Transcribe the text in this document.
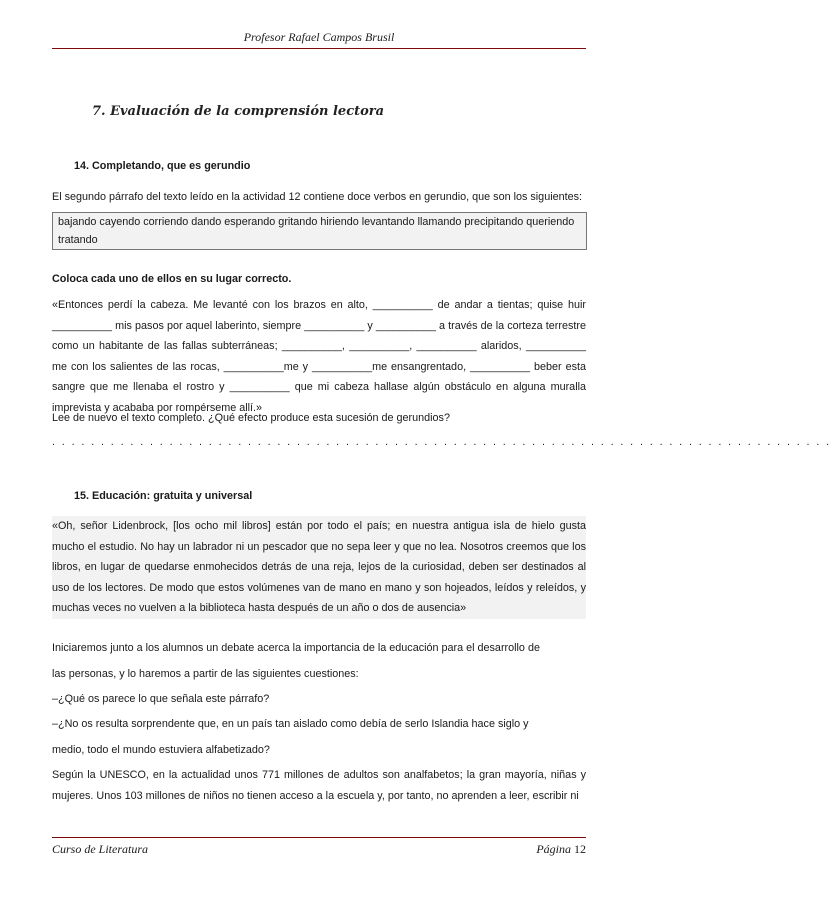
Profesor Rafael Campos Brusil
7. Evaluación de la comprensión lectora
14. Completando, que es gerundio
El segundo párrafo del texto leído en la actividad 12 contiene doce verbos en gerundio, que son los siguientes:
bajando cayendo corriendo dando esperando gritando hiriendo levantando llamando precipitando queriendo
tratando
Coloca cada uno de ellos en su lugar correcto.
«Entonces perdí la cabeza. Me levanté con los brazos en alto, __________ de andar a tientas; quise huir __________ mis pasos por aquel laberinto, siempre __________ y __________ a través de la corteza terrestre como un habitante de las fallas subterráneas; __________, __________, __________ alaridos, __________ me con los salientes de las rocas, __________me y __________me ensangrentado, __________ beber esta sangre que me llenaba el rostro y __________ que mi cabeza hallase algún obstáculo en alguna muralla imprevista y acababa por rompérseme allí.»
Lee de nuevo el texto completo. ¿Qué efecto produce esta sucesión de gerundios?
. . . . . . . . . . . . . . . . . . . . . . . . . . . . . . . . . . . . . . . . . . . . . . . . . . . . . . . . . . . . . . . . . . . . . . . . . . . . . . . .
15. Educación: gratuita y universal
«Oh, señor Lidenbrock, [los ocho mil libros] están por todo el país; en nuestra antigua isla de hielo gusta mucho el estudio. No hay un labrador ni un pescador que no sepa leer y que no lea. Nosotros creemos que los libros, en lugar de quedarse enmohecidos detrás de una reja, lejos de la curiosidad, deben ser destinados al uso de los lectores. De modo que estos volúmenes van de mano en mano y son hojeados, leídos y releídos, y muchas veces no vuelven a la biblioteca hasta después de un año o dos de ausencia»
Iniciaremos junto a los alumnos un debate acerca la importancia de la educación para el desarrollo de
las personas, y lo haremos a partir de las siguientes cuestiones:
–¿Qué os parece lo que señala este párrafo?
–¿No os resulta sorprendente que, en un país tan aislado como debía de serlo Islandia hace siglo y
medio, todo el mundo estuviera alfabetizado?
Según la UNESCO, en la actualidad unos 771 millones de adultos son analfabetos; la gran mayoría, niñas y mujeres. Unos 103 millones de niños no tienen acceso a la escuela y, por tanto, no aprenden a leer, escribir ni
Curso de Literatura	Página 12
